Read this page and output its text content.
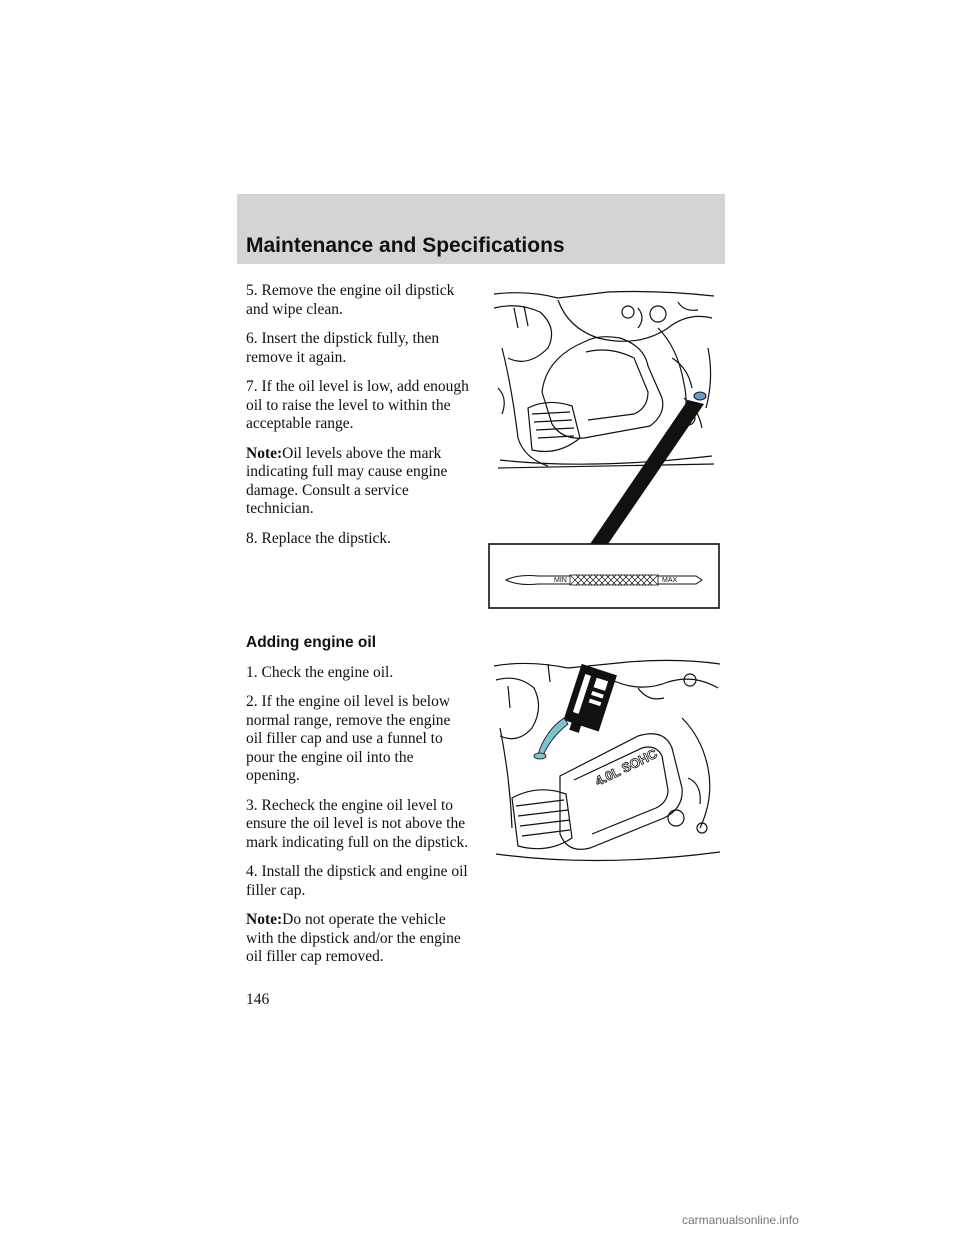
Maintenance and Specifications

5. Remove the engine oil dipstick and wipe clean.

6. Insert the dipstick fully, then remove it again.

7. If the oil level is low, add enough oil to raise the level to within the acceptable range.

Note:Oil levels above the mark indicating full may cause engine damage. Consult a service technician.

8. Replace the dipstick.

MIN	MAX

Adding engine oil

1. Check the engine oil.

2. If the engine oil level is below normal range, remove the engine oil filler cap and use a funnel to pour the engine oil into the opening.

3. Recheck the engine oil level to ensure the oil level is not above the mark indicating full on the dipstick.

4. Install the dipstick and engine oil filler cap.

Note:Do not operate the vehicle with the dipstick and/or the engine oil filler cap removed.

4.0L SOHC
146
carmanualsonline.info
